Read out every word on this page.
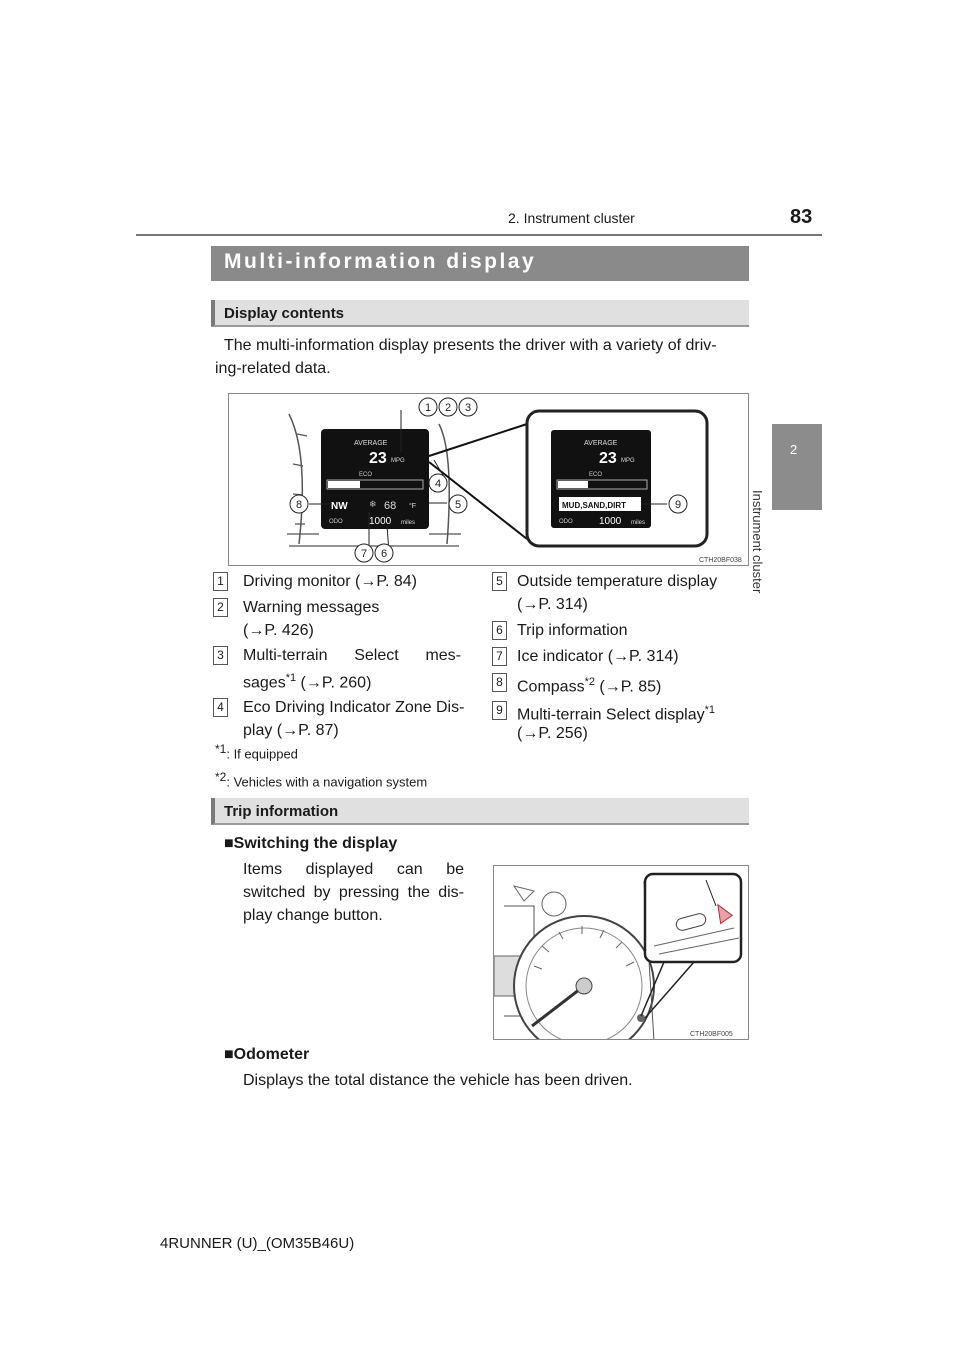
2. Instrument cluster	83
2
Instrument cluster
Multi-information display
Display contents
The multi-information display presents the driver with a variety of driv-
ing-related data.
AVERAGE
23 MPG
ECO
NW ❄ 68 °F
ODO	1000 miles
AVERAGE
23 MPG
ECO
MUD,SAND,DIRT
ODO	1000 miles
1 2 3
4
5
6
7
8	9
CTH20BF038
1 Driving monitor (→P. 84)
2 Warning messages
(→P. 426)
3 Multi-terrain Select mes-
sages$^{*1}$ (→P. 260)
4 Eco Driving Indicator Zone Dis-
play (→P. 87)
5 Outside temperature display
(→P. 314)
6 Trip information
7 Ice indicator (→P. 314)
8 Compass$^{*2}$ (→P. 85)
9 Multi-terrain Select display$^{*1}$
(→P. 256)
*1: If equipped
*2: Vehicles with a navigation system
Trip information
■Switching the display
Items displayed can be
switched by pressing the dis-
play change button.
CTH20BF005
■Odometer
Displays the total distance the vehicle has been driven.
4RUNNER (U)_(OM35B46U)
